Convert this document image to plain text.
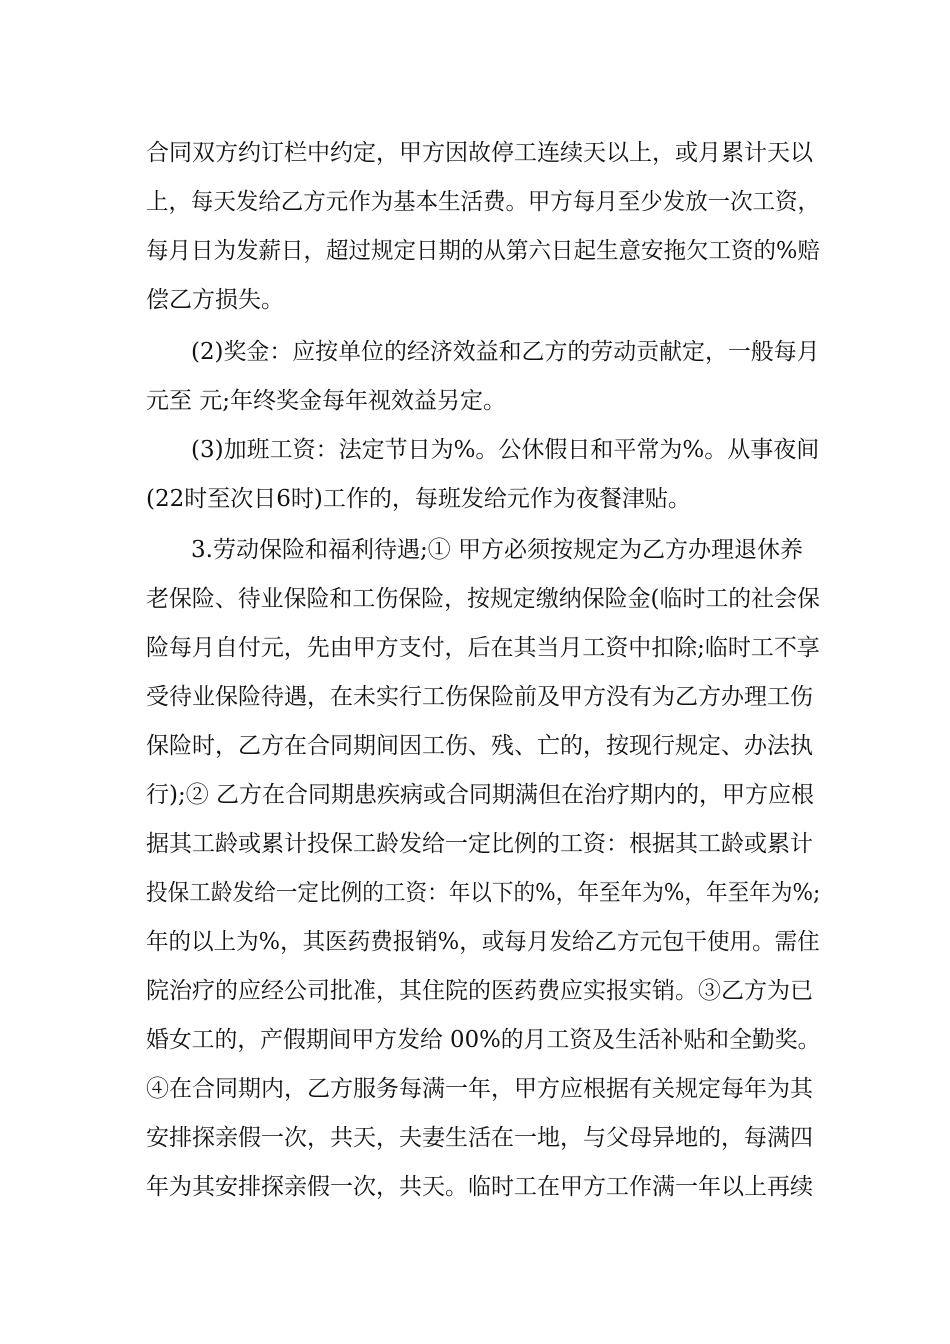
合同双方约订栏中约定，甲方因故停工连续天以上，或月累计天以
上，每天发给乙方元作为基本生活费。甲方每月至少发放一次工资，
每月日为发薪日，超过规定日期的从第六日起生意安拖欠工资的%赔
偿乙方损失。
(2)奖金：应按单位的经济效益和乙方的劳动贡献定，一般每月
元至 元;年终奖金每年视效益另定。
(3)加班工资：法定节日为%。公休假日和平常为%。从事夜间
(22时至次日6时)工作的，每班发给元作为夜餐津贴。
3.劳动保险和福利待遇;① 甲方必须按规定为乙方办理退休养
老保险、待业保险和工伤保险，按规定缴纳保险金(临时工的社会保
险每月自付元，先由甲方支付，后在其当月工资中扣除;临时工不享
受待业保险待遇，在未实行工伤保险前及甲方没有为乙方办理工伤
保险时，乙方在合同期间因工伤、残、亡的，按现行规定、办法执
行);② 乙方在合同期患疾病或合同期满但在治疗期内的，甲方应根
据其工龄或累计投保工龄发给一定比例的工资：根据其工龄或累计
投保工龄发给一定比例的工资：年以下的%，年至年为%，年至年为%;
年的以上为%，其医药费报销%，或每月发给乙方元包干使用。需住
院治疗的应经公司批准，其住院的医药费应实报实销。③乙方为已
婚女工的，产假期间甲方发给 00%的月工资及生活补贴和全勤奖。
④在合同期内，乙方服务每满一年，甲方应根据有关规定每年为其
安排探亲假一次，共天，夫妻生活在一地，与父母异地的，每满四
年为其安排探亲假一次，共天。临时工在甲方工作满一年以上再续
